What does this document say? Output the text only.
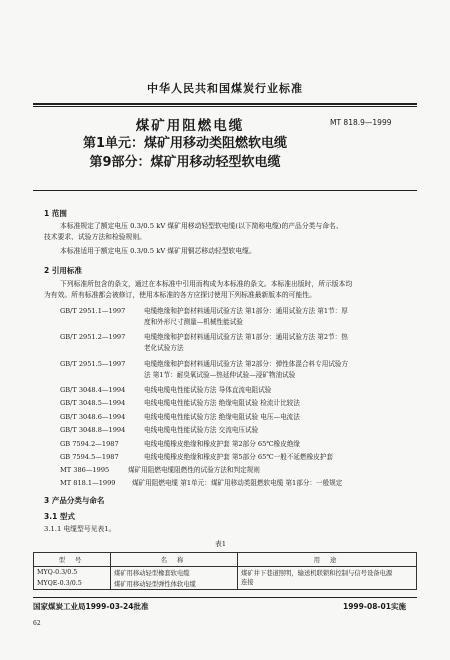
中华人民共和国煤炭行业标准
煤矿用阻燃电缆	MT 818.9—1999
第1单元：煤矿用移动类阻燃软电缆
第9部分：煤矿用移动轻型软电缆
1 范围
本标准规定了额定电压 0.3/0.5 kV 煤矿用移动轻型软电缆(以下简称电缆)的产品分类与命名、
技术要求、试验方法和检验规则。
本标准适用于额定电压 0.3/0.5 kV 煤矿用铜芯移动轻型软电缆。
2 引用标准
下列标准所包含的条文，通过在本标准中引用而构成为本标准的条文。本标准出版时，所示版本均
为有效。所有标准都会被修订，使用本标准的各方应探讨使用下列标准最新版本的可能性。
GB/T 2951.1—1997	电缆绝缘和护套材料通用试验方法 第1部分：通用试验方法 第1节：厚
度和外形尺寸测量—机械性能试验
GB/T 2951.2—1997	电缆绝缘和护套材料通用试验方法 第1部分：通用试验方法 第2节：热
老化试验方法
GB/T 2951.5—1997	电缆绝缘和护套材料通用试验方法 第2部分：弹性体混合料专用试验方
法 第1节：耐臭氧试验—热延伸试验—浸矿物油试验
GB/T 3048.4—1994	电线电缆电性能试验方法 导体直流电阻试验
GB/T 3048.5—1994	电线电缆电性能试验方法 绝缘电阻试验 检流计比较法
GB/T 3048.6—1994	电线电缆电性能试验方法 绝缘电阻试验 电压—电流法
GB/T 3048.8—1994	电线电缆电性能试验方法 交流电压试验
GB 7594.2—1987	电线电缆橡皮绝缘和橡皮护套 第2部分 65℃橡皮绝缘
GB 7594.5—1987	电线电缆橡皮绝缘和橡皮护套 第5部分 65℃一般不延燃橡皮护套
MT 386—1995	煤矿用阻燃电缆阻燃性的试验方法和判定规则
MT 818.1—1999	煤矿用阻燃电缆 第1单元：煤矿用移动类阻燃软电缆 第1部分：一般规定
3 产品分类与命名
3.1 型式
3.1.1 电缆型号见表1。
表1
型 号	名 称	用 途
MYQ-0.3/0.5	煤矿用移动轻型橡套软电缆	煤矿井下巷道照明，输送机联锁和控制与信号设备电源
连接

MYQE-0.3/0.5	煤矿用移动轻型弹性体软电缆	
国家煤炭工业局1999-03-24批准	1999-08-01实施
62
